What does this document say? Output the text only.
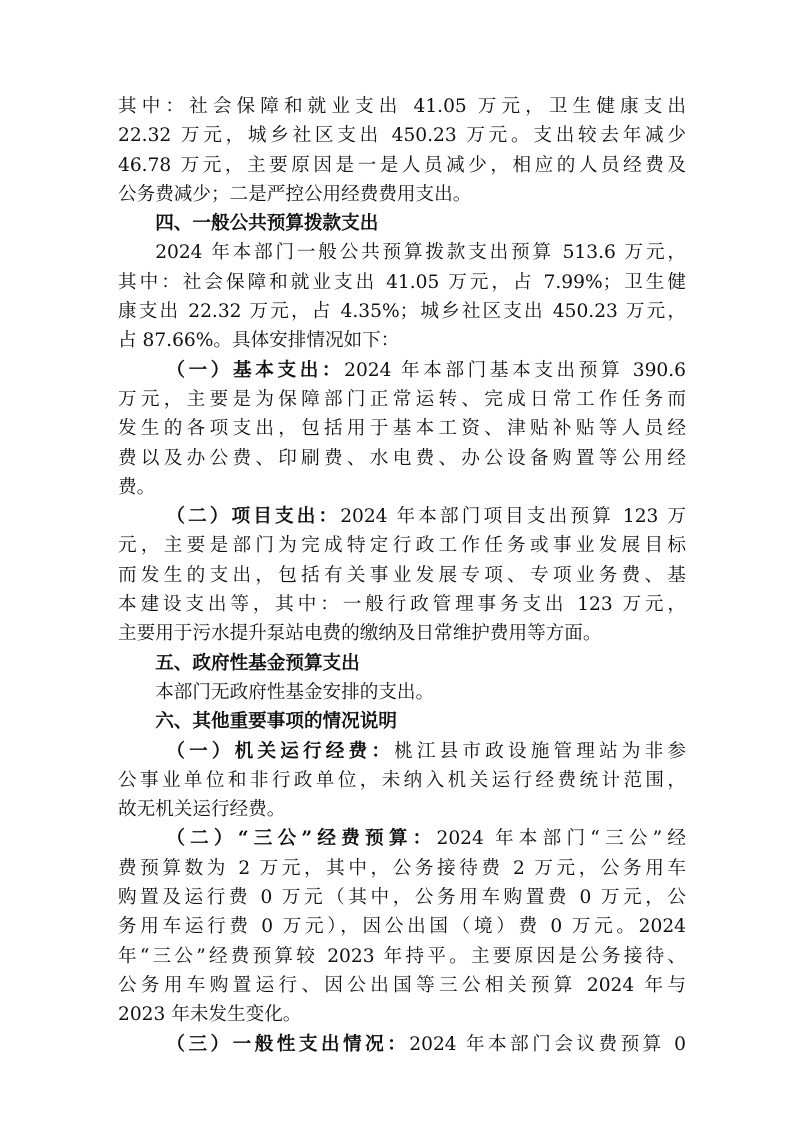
其中：社会保障和就业支出 41.05 万元，卫生健康支出

22.32 万元，城乡社区支出 450.23 万元。支出较去年减少

46.78 万元，主要原因是一是人员减少，相应的人员经费及

公务费减少；二是严控公用经费费用支出。

四、一般公共预算拨款支出

2024 年本部门一般公共预算拨款支出预算 513.6 万元，

其中：社会保障和就业支出 41.05 万元，占 7.99%；卫生健

康支出 22.32 万元，占 4.35%；城乡社区支出 450.23 万元，

占 87.66%。具体安排情况如下：

（一）基本支出：2024 年本部门基本支出预算 390.6

万元，主要是为保障部门正常运转、完成日常工作任务而

发生的各项支出，包括用于基本工资、津贴补贴等人员经

费以及办公费、印刷费、水电费、办公设备购置等公用经

费。

（二）项目支出：2024 年本部门项目支出预算 123 万

元，主要是部门为完成特定行政工作任务或事业发展目标

而发生的支出，包括有关事业发展专项、专项业务费、基

本建设支出等，其中：一般行政管理事务支出 123 万元，

主要用于污水提升泵站电费的缴纳及日常维护费用等方面。

五、政府性基金预算支出

本部门无政府性基金安排的支出。

六、其他重要事项的情况说明

（一）机关运行经费：桃江县市政设施管理站为非参

公事业单位和非行政单位，未纳入机关运行经费统计范围，

故无机关运行经费。

（二）“三公”经费预算：2024 年本部门“三公”经

费预算数为 2 万元，其中，公务接待费 2 万元，公务用车

购置及运行费 0 万元（其中，公务用车购置费 0 万元，公

务用车运行费 0 万元），因公出国（境）费 0 万元。2024

年“三公”经费预算较 2023 年持平。主要原因是公务接待、

公务用车购置运行、因公出国等三公相关预算 2024 年与

2023 年未发生变化。

（三）一般性支出情况：2024 年本部门会议费预算 0
